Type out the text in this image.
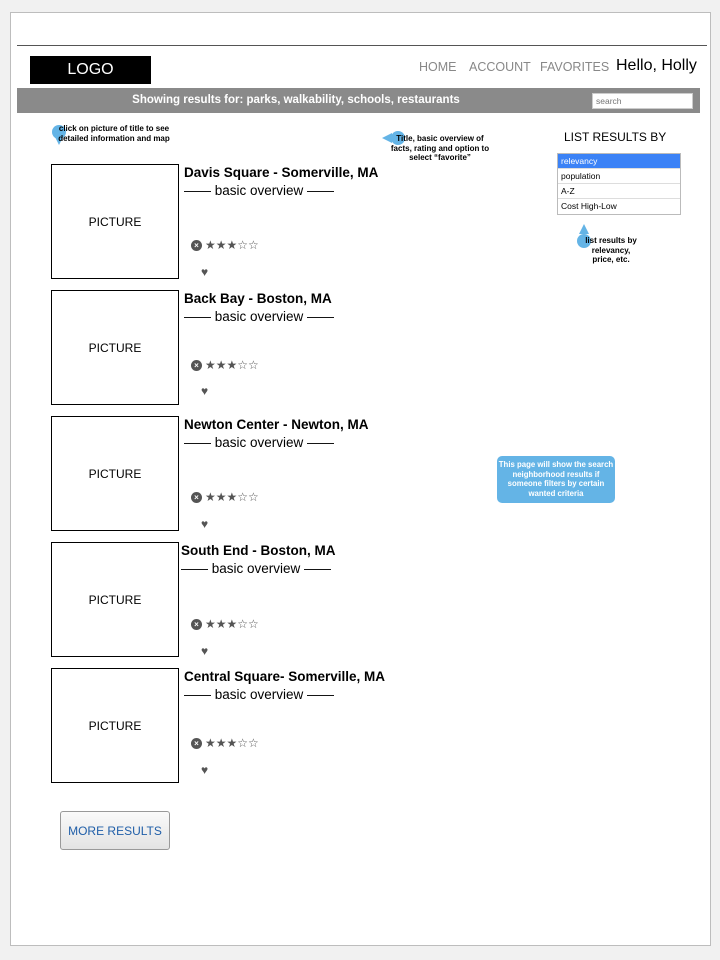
LOGO	HOME ACCOUNT FAVORITES Hello, Holly
Showing results for: parks, walkability, schools, restaurants
search
click on picture of title to see detailed information and map	Title, basic overview of facts, rating and option to select “favorite”
LIST RESULTS BY
relevancy
population
A-Z
Cost High-Low
list results by relevancy, price, etc.
PICTURE
Davis Square - Somerville, MA
—— basic overview ——
× ★★★☆☆
♥
PICTURE
Back Bay - Boston, MA
—— basic overview ——
× ★★★☆☆
♥
PICTURE
Newton Center - Newton, MA
—— basic overview ——
× ★★★☆☆
♥
PICTURE
South End - Boston, MA
—— basic overview ——
× ★★★☆☆
♥
PICTURE
Central Square- Somerville, MA
—— basic overview ——
× ★★★☆☆
♥
This page will show the search neighborhood results if someone filters by certain wanted criteria
MORE RESULTS
